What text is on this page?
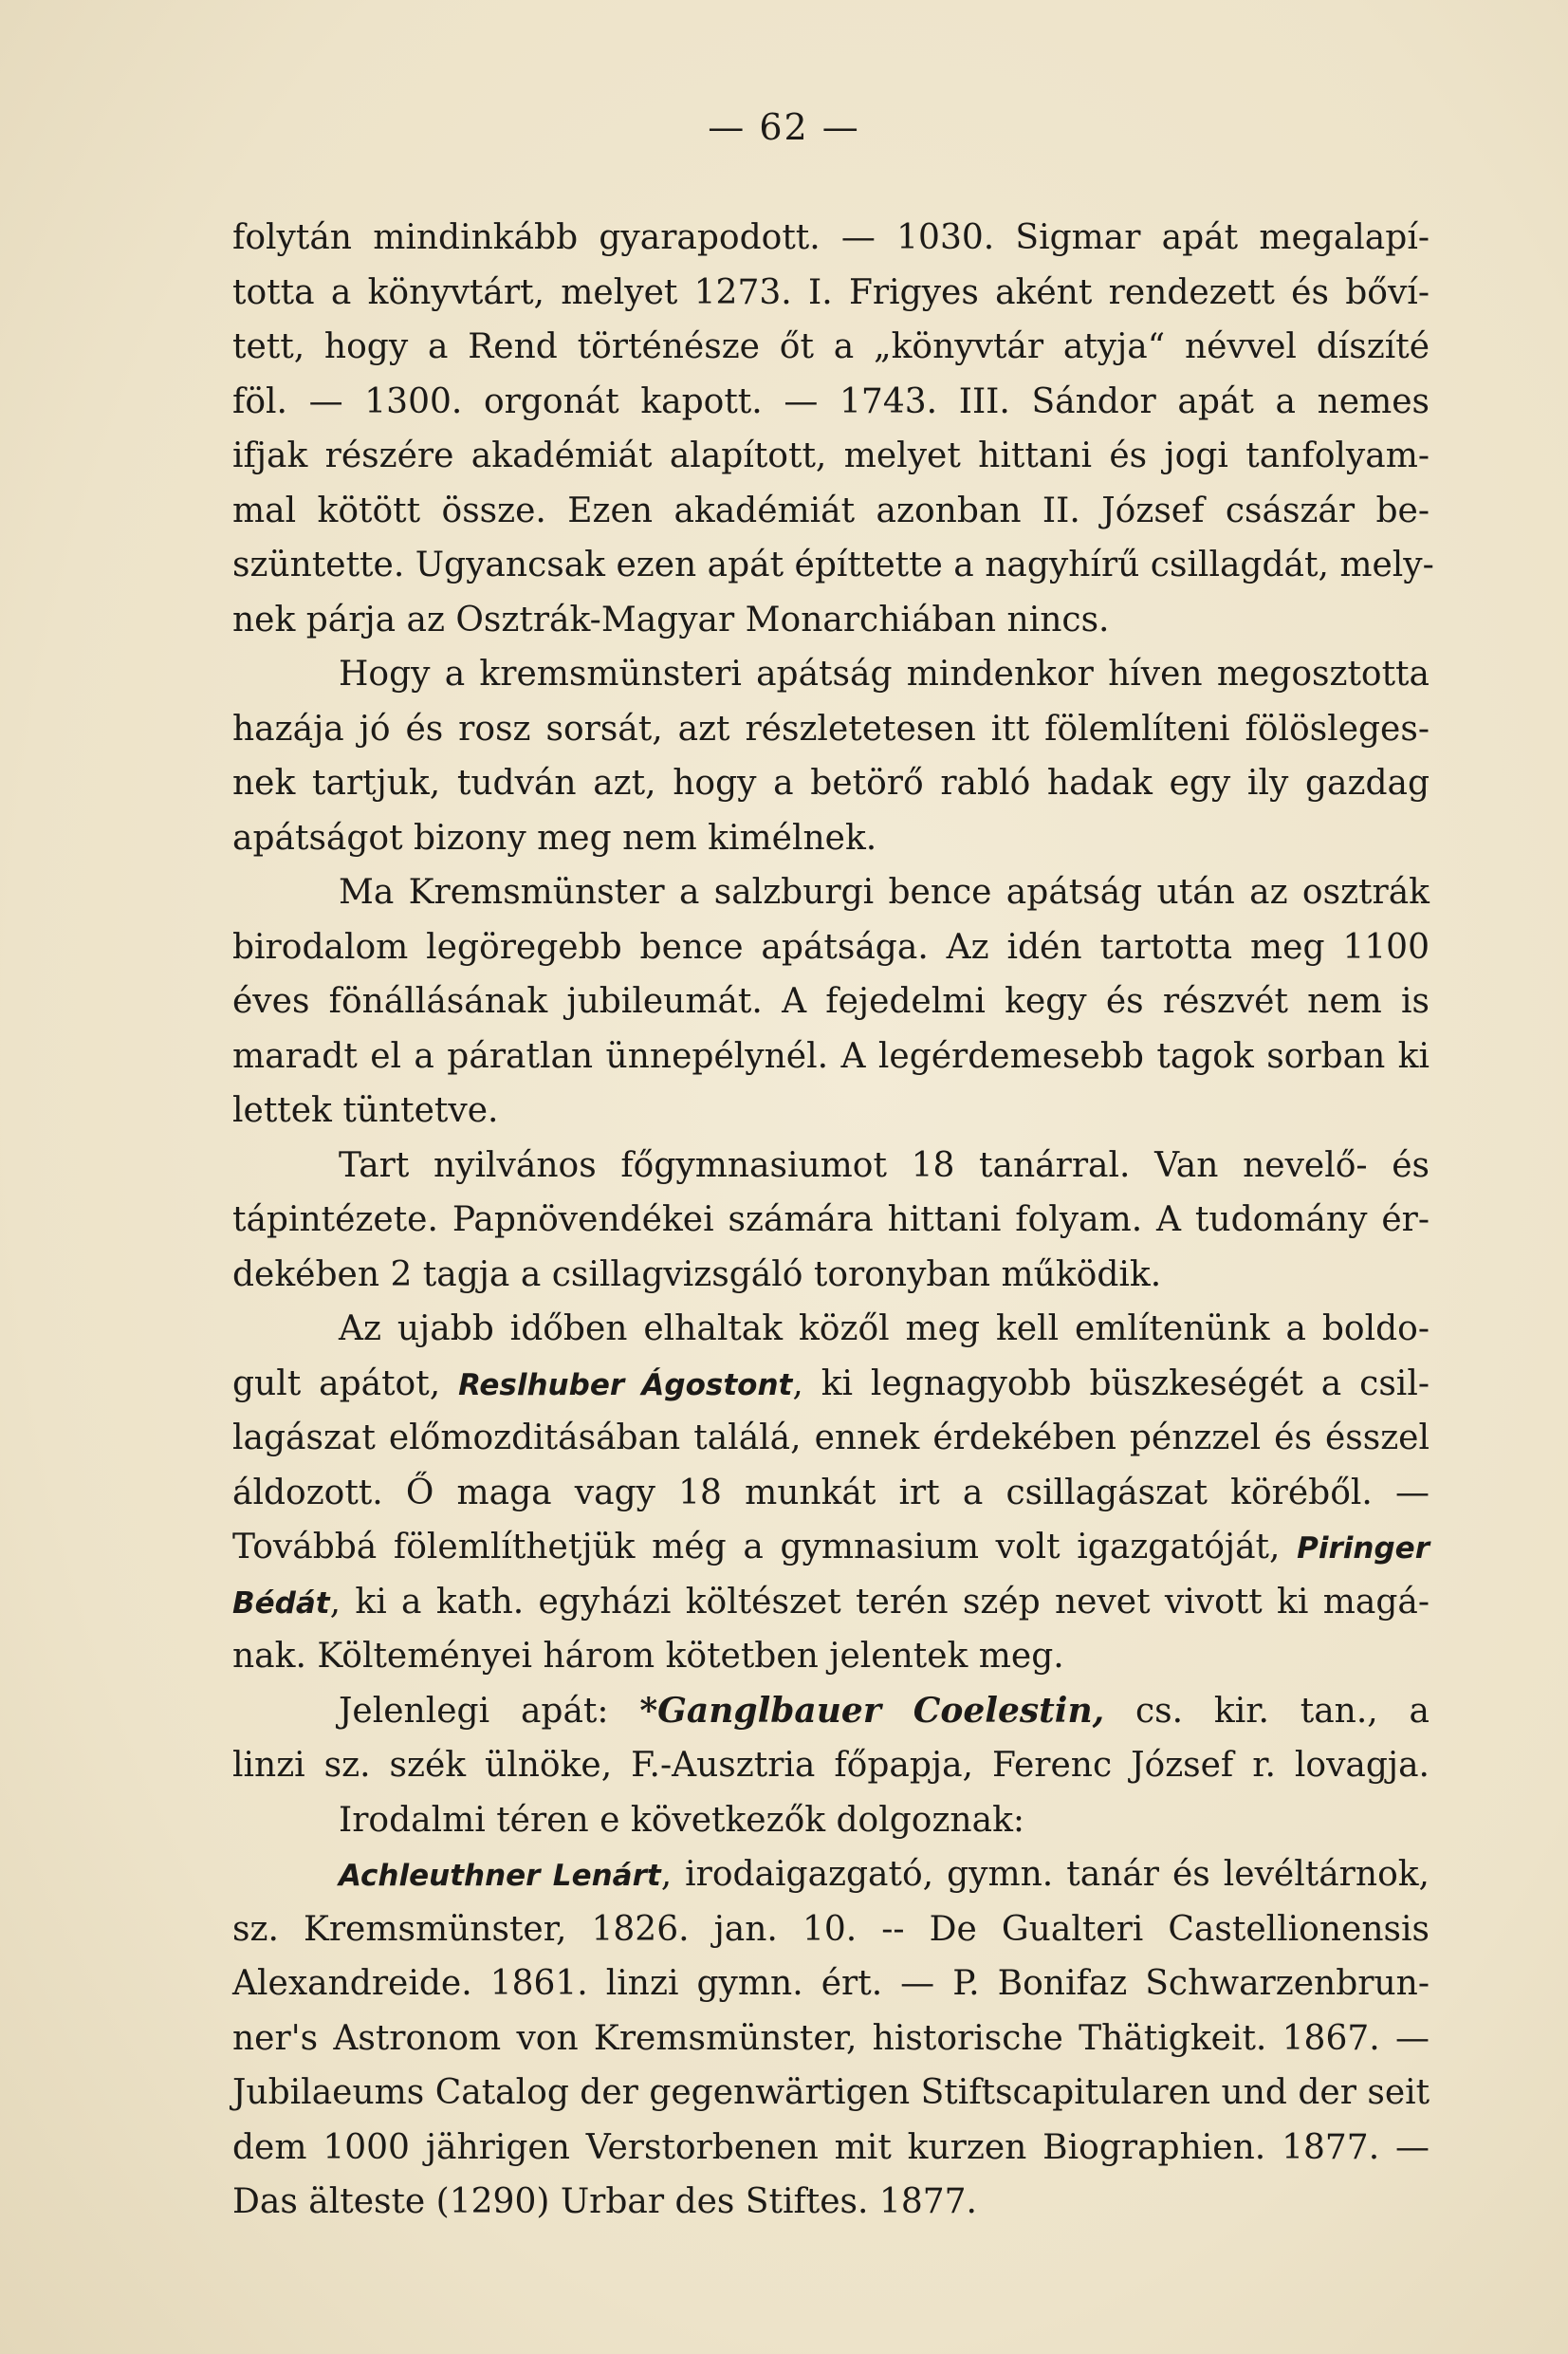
— 62 —
folytán mindinkább gyarapodott. — 1030. Sigmar apát megalapí-
totta a könyvtárt, melyet 1273. I. Frigyes aként rendezett és bőví-
tett, hogy a Rend történésze őt a „könyvtár atyja“ névvel díszíté
föl. — 1300. orgonát kapott. — 1743. III. Sándor apát a nemes
ifjak részére akadémiát alapított, melyet hittani és jogi tanfolyam-
mal kötött össze. Ezen akadémiát azonban II. József császár be-
szüntette. Ugyancsak ezen apát építtette a nagyhírű csillagdát, mely-
nek párja az Osztrák-Magyar Monarchiában nincs.
Hogy a kremsmünsteri apátság mindenkor híven megosztotta
hazája jó és rosz sorsát, azt részletetesen itt fölemlíteni fölösleges-
nek tartjuk, tudván azt, hogy a betörő rabló hadak egy ily gazdag
apátságot bizony meg nem kimélnek.
Ma Kremsmünster a salzburgi bence apátság után az osztrák
birodalom legöregebb bence apátsága. Az idén tartotta meg 1100
éves fönállásának jubileumát. A fejedelmi kegy és részvét nem is
maradt el a páratlan ünnepélynél. A legérdemesebb tagok sorban ki
lettek tüntetve.
Tart nyilvános főgymnasiumot 18 tanárral. Van nevelő- és
tápintézete. Papnövendékei számára hittani folyam. A tudomány ér-
dekében 2 tagja a csillagvizsgáló toronyban működik.
Az ujabb időben elhaltak közől meg kell említenünk a boldo-
gult apátot, Reslhuber Ágostont, ki legnagyobb büszkeségét a csil-
lagászat előmozditásában találá, ennek érdekében pénzzel és ésszel
áldozott. Ő maga vagy 18 munkát irt a csillagászat köréből. —
Továbbá fölemlíthetjük még a gymnasium volt igazgatóját, Piringer
Bédát, ki a kath. egyházi költészet terén szép nevet vivott ki magá-
nak. Költeményei három kötetben jelentek meg.
Jelenlegi apát: *Ganglbauer Coelestin, cs. kir. tan., a
linzi sz. szék ülnöke, F.-Ausztria főpapja, Ferenc József r. lovagja.
Irodalmi téren e következők dolgoznak:
Achleuthner Lenárt, irodaigazgató, gymn. tanár és levéltárnok,
sz. Kremsmünster, 1826. jan. 10. -- De Gualteri Castellionensis
Alexandreide. 1861. linzi gymn. ért. — P. Bonifaz Schwarzenbrun-
ner's Astronom von Kremsmünster, historische Thätigkeit. 1867. —
Jubilaeums Catalog der gegenwärtigen Stiftscapitularen und der seit
dem 1000 jährigen Verstorbenen mit kurzen Biographien. 1877. —
Das älteste (1290) Urbar des Stiftes. 1877.
